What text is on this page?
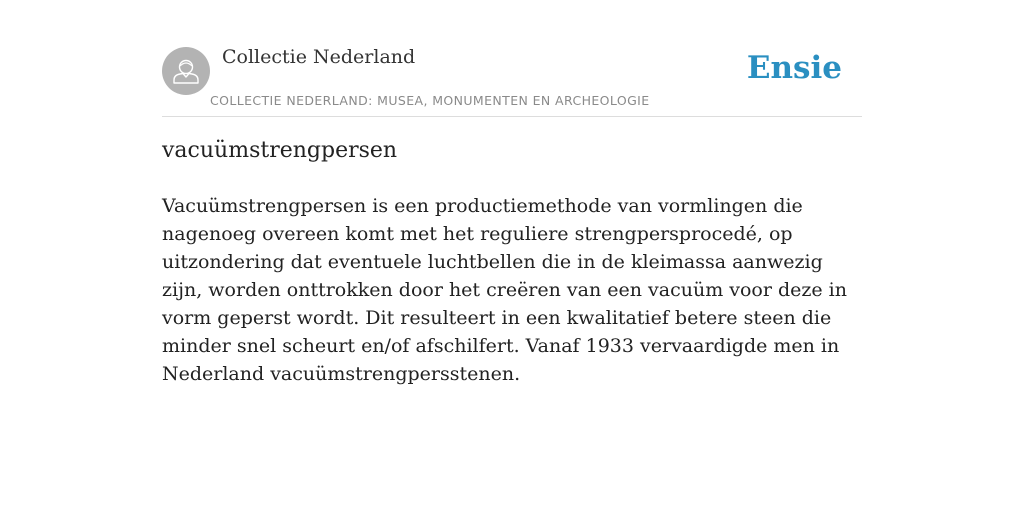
Collectie Nederland
COLLECTIE NEDERLAND: MUSEA, MONUMENTEN EN ARCHEOLOGIE
Ensie
vacuümstrengpersen

Vacuümstrengpersen is een productiemethode van vormlingen die nagenoeg overeen komt met het reguliere strengpersprocedé, op uitzondering dat eventuele luchtbellen die in de kleimassa aanwezig zijn, worden onttrokken door het creëren van een vacuüm voor deze in vorm geperst wordt. Dit resulteert in een kwalitatief betere steen die minder snel scheurt en/of afschilfert. Vanaf 1933 vervaardigde men in Nederland vacuümstrengpersstenen.
